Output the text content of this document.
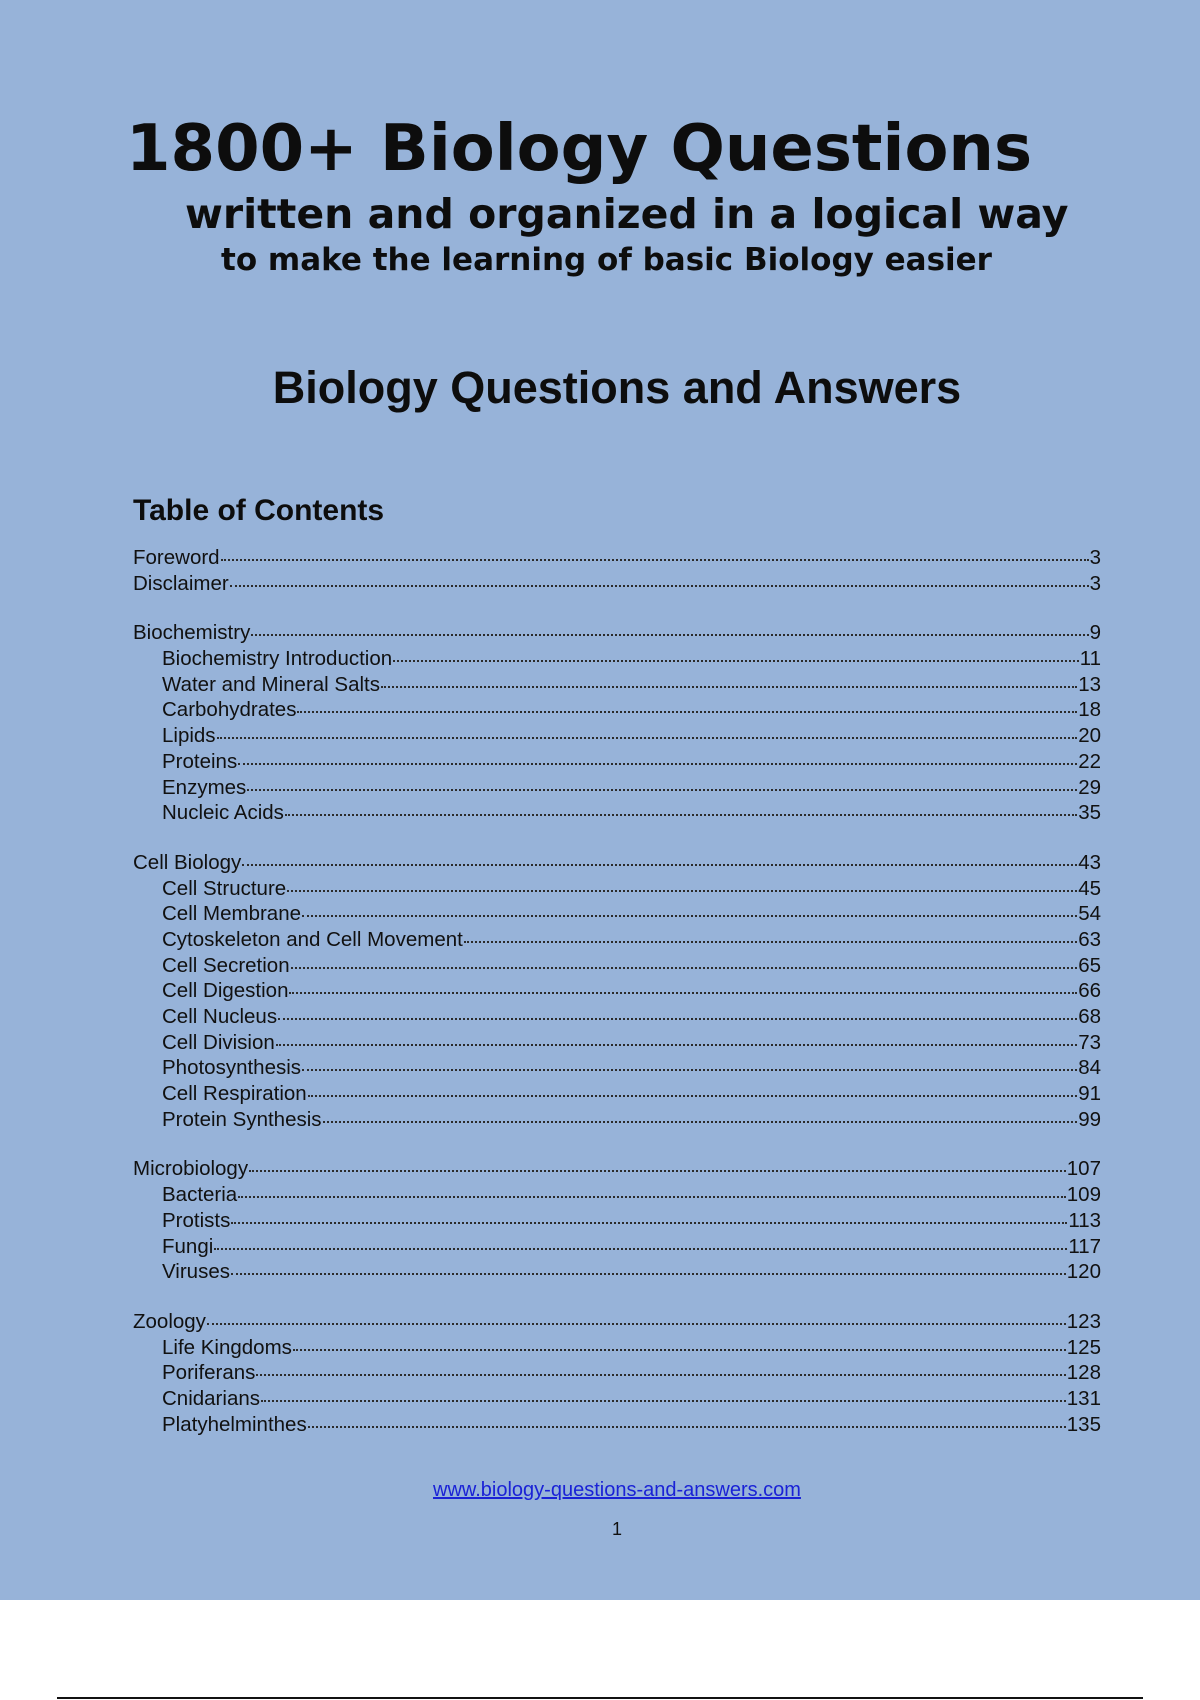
1800+ Biology Questions
written and organized in a logical way
to make the learning of basic Biology easier
Biology Questions and Answers
Table of Contents
Foreword	3
Disclaimer	3
Biochemistry	9
Biochemistry Introduction	11
Water and Mineral Salts	13
Carbohydrates	18
Lipids	20
Proteins	22
Enzymes	29
Nucleic Acids	35
Cell Biology	43
Cell Structure	45
Cell Membrane	54
Cytoskeleton and Cell Movement	63
Cell Secretion	65
Cell Digestion	66
Cell Nucleus	68
Cell Division	73
Photosynthesis	84
Cell Respiration	91
Protein Synthesis	99
Microbiology	107
Bacteria	109
Protists	113
Fungi	117
Viruses	120
Zoology	123
Life Kingdoms	125
Poriferans	128
Cnidarians	131
Platyhelminthes	135
www.biology-questions-and-answers.com
1
